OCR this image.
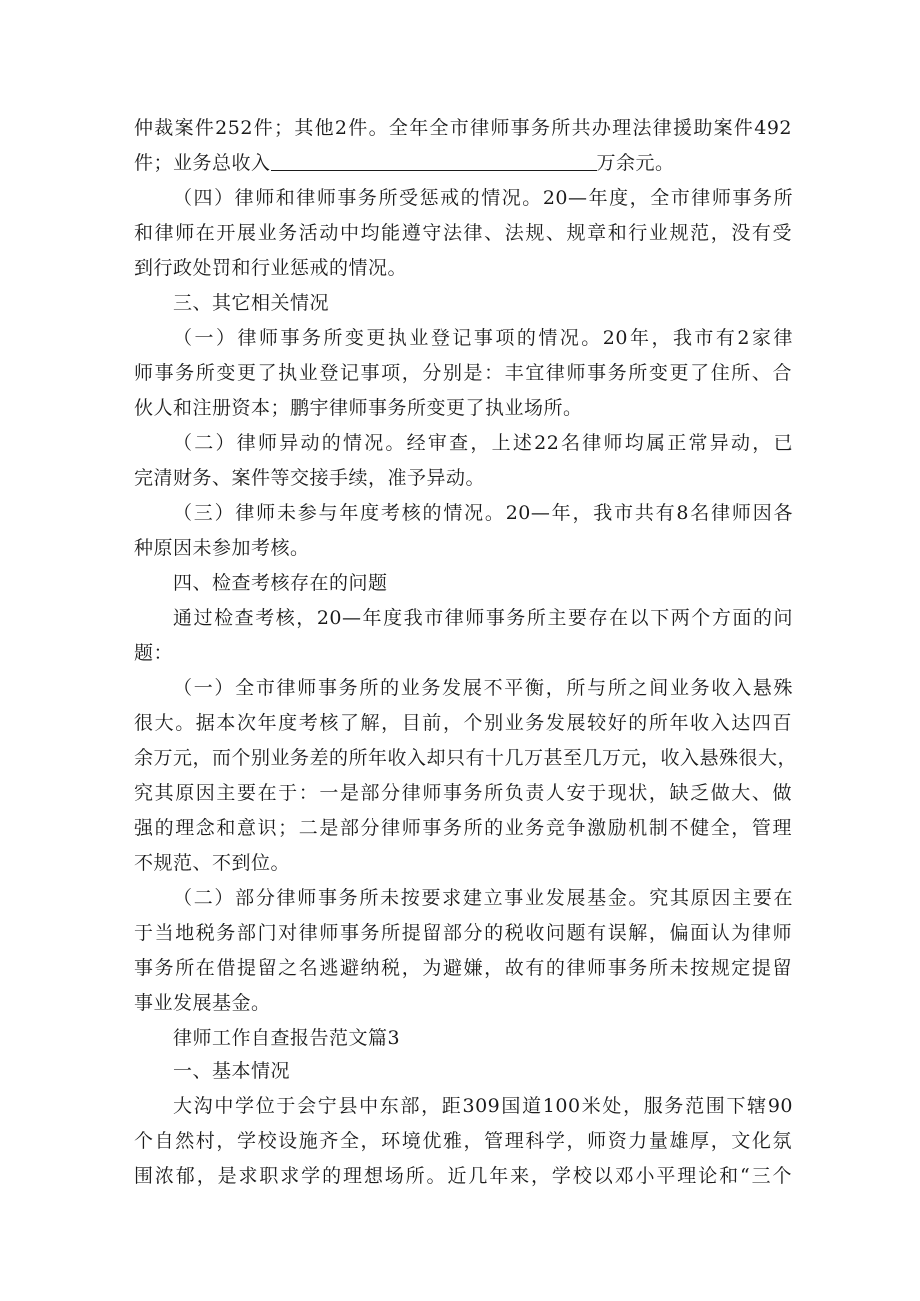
仲裁案件252件；其他2件。全年全市律师事务所共办理法律援助案件492
件；业务总收入	万余元。
（四）律师和律师事务所受惩戒的情况。20—年度，全市律师事务所
和律师在开展业务活动中均能遵守法律、法规、规章和行业规范，没有受
到行政处罚和行业惩戒的情况。
三、其它相关情况
（一）律师事务所变更执业登记事项的情况。20年，我市有2家律
师事务所变更了执业登记事项，分别是：丰宜律师事务所变更了住所、合
伙人和注册资本；鹏宇律师事务所变更了执业场所。
（二）律师异动的情况。经审查，上述22名律师均属正常异动，已
完清财务、案件等交接手续，准予异动。
（三）律师未参与年度考核的情况。20—年，我市共有8名律师因各
种原因未参加考核。
四、检查考核存在的问题
通过检查考核，20—年度我市律师事务所主要存在以下两个方面的问
题：
（一）全市律师事务所的业务发展不平衡，所与所之间业务收入悬殊
很大。据本次年度考核了解，目前，个别业务发展较好的所年收入达四百
余万元，而个别业务差的所年收入却只有十几万甚至几万元，收入悬殊很大，
究其原因主要在于：一是部分律师事务所负责人安于现状，缺乏做大、做
强的理念和意识；二是部分律师事务所的业务竞争激励机制不健全，管理
不规范、不到位。
（二）部分律师事务所未按要求建立事业发展基金。究其原因主要在
于当地税务部门对律师事务所提留部分的税收问题有误解，偏面认为律师
事务所在借提留之名逃避纳税，为避嫌，故有的律师事务所未按规定提留
事业发展基金。
律师工作自查报告范文篇3
一、基本情况
大沟中学位于会宁县中东部，距309国道100米处，服务范围下辖90
个自然村，学校设施齐全，环境优雅，管理科学，师资力量雄厚，文化氛
围浓郁，是求职求学的理想场所。近几年来，学校以邓小平理论和“三个
